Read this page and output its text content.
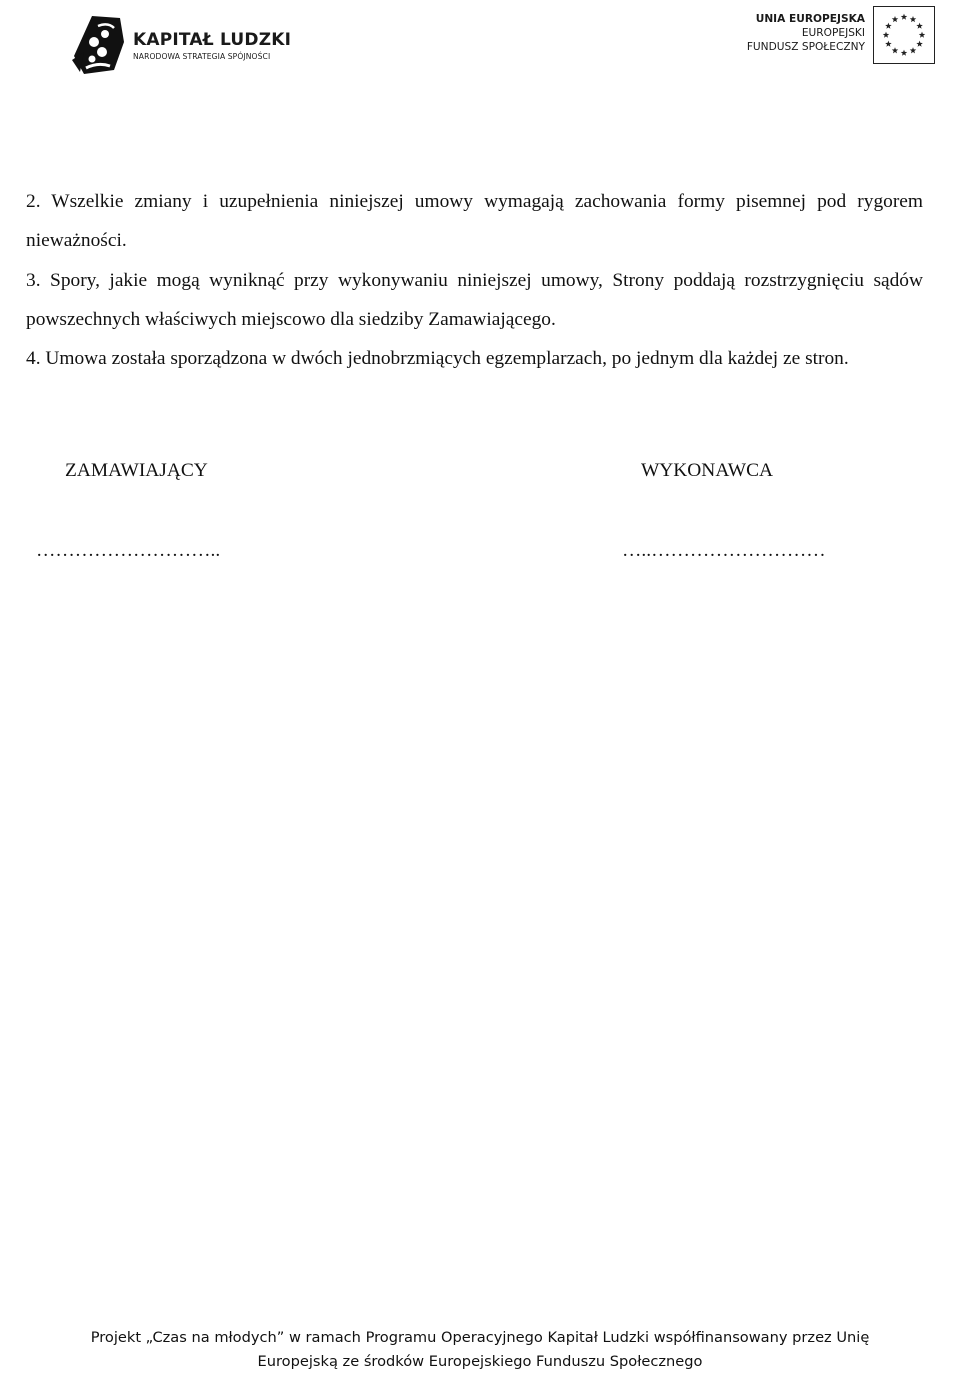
KAPITAŁ LUDZKI
NARODOWA STRATEGIA SPÓJNOŚCI
UNIA EUROPEJSKA
EUROPEJSKI
FUNDUSZ SPOŁECZNY

2. Wszelkie zmiany i uzupełnienia niniejszej umowy wymagają zachowania formy pisemnej pod rygorem nieważności.

3. Spory, jakie mogą wyniknąć przy wykonywaniu niniejszej umowy, Strony poddają rozstrzygnięciu sądów powszechnych właściwych miejscowo dla siedziby Zamawiającego.

4. Umowa została sporządzona w dwóch jednobrzmiących egzemplarzach, po jednym dla każdej ze stron.

ZAMAWIAJĄCY	WYKONAWCA
………………………..	…..………………………
Projekt „Czas na młodych” w ramach Programu Operacyjnego Kapitał Ludzki współfinansowany przez Unię
Europejską ze środków Europejskiego Funduszu Społecznego
